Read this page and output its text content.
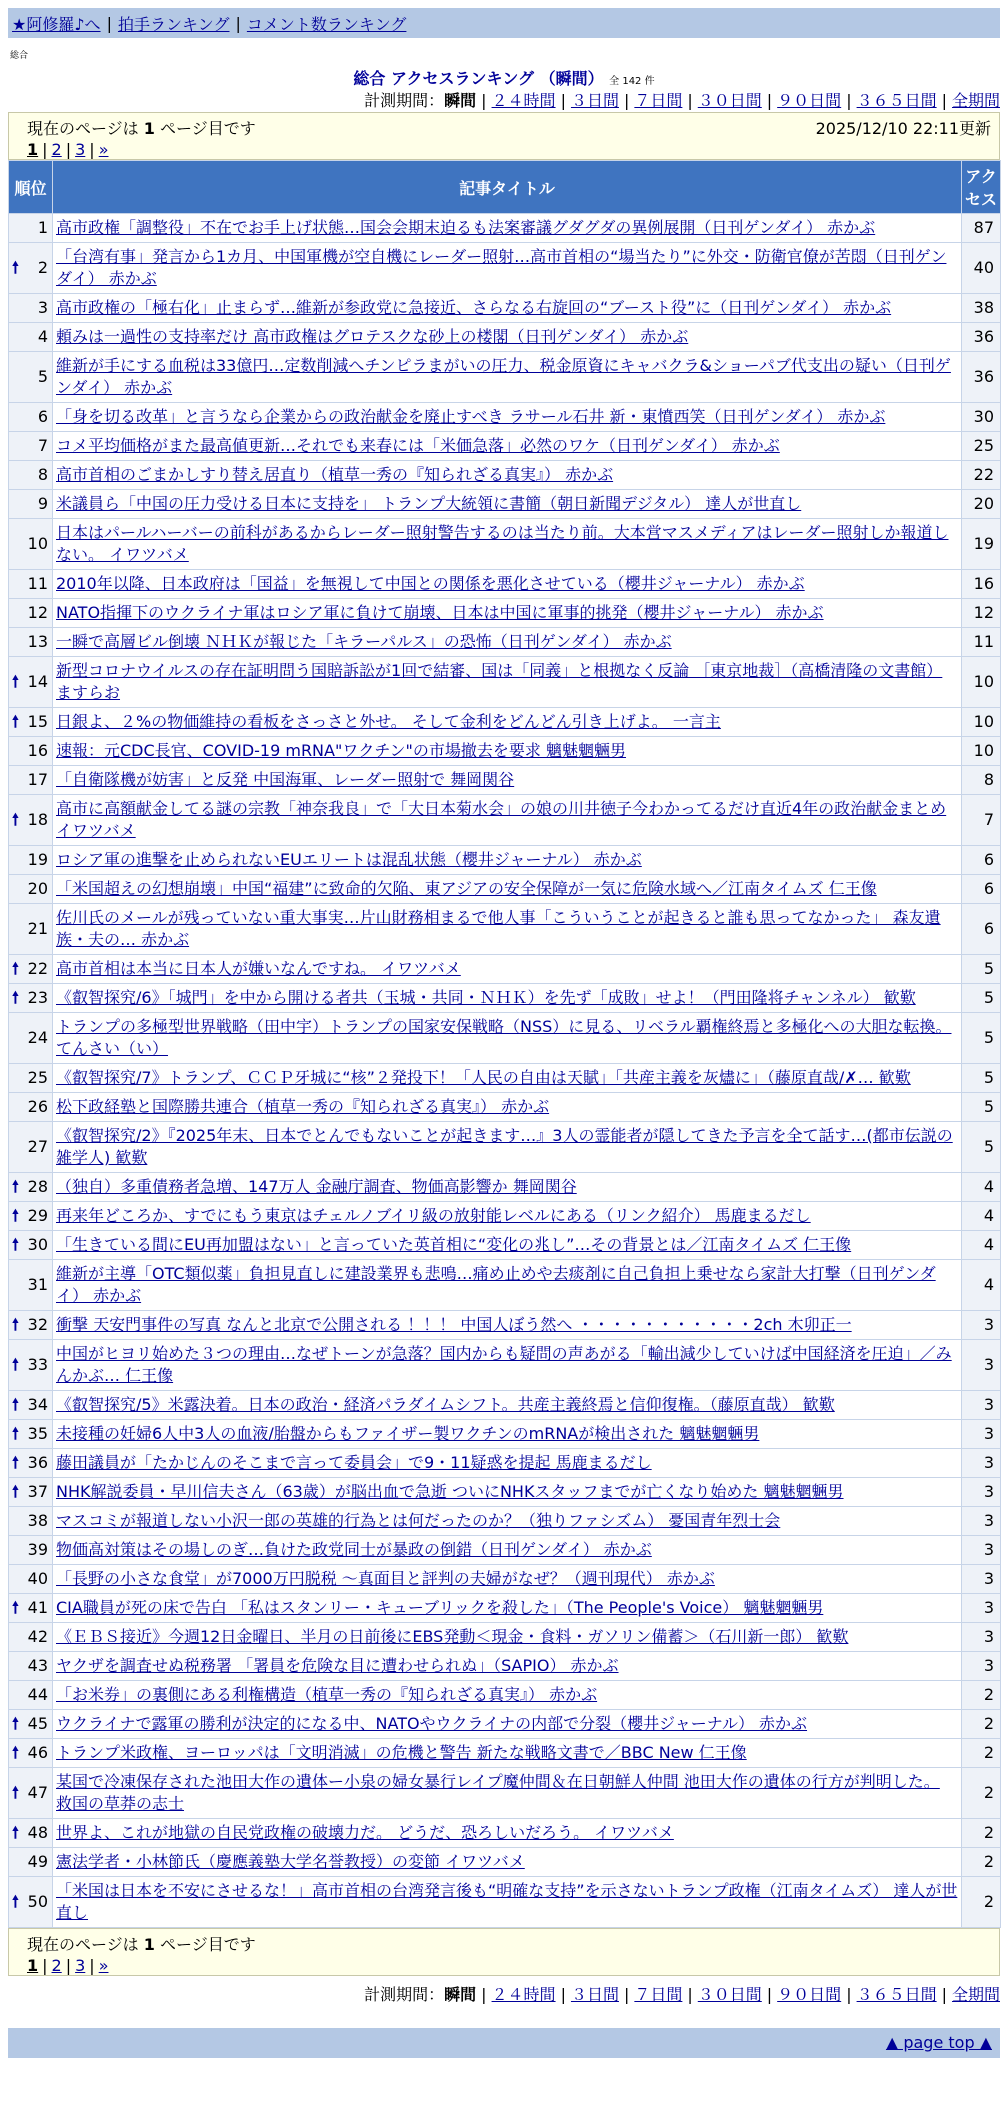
★阿修羅♪へ | 拍手ランキング | コメント数ランキング
総合
総合 アクセスランキング （瞬間） 全 142 件
計測期間：瞬間 | ２４時間 | ３日間 | ７日間 | ３０日間 | ９０日間 | ３６５日間 | 全期間
現在のページは 1 ページ目です	2025/12/10 22:11更新
1 | 2 | 3 | »
順位	記事タイトル	アクセス
1	高市政権「調整役」不在でお手上げ状態…国会会期末迫るも法案審議グダグダの異例展開（日刊ゲンダイ） 赤かぶ	87

🠕 2	「台湾有事」発言から1カ月、中国軍機が空自機にレーダー照射…高市首相の“場当たり”に外交・防衛官僚が苦悶（日刊ゲンダイ） 赤かぶ	40
3	高市政権の「極右化」止まらず…維新が参政党に急接近、さらなる右旋回の“ブースト役”に（日刊ゲンダイ） 赤かぶ	38
4	頼みは一過性の支持率だけ 高市政権はグロテスクな砂上の楼閣（日刊ゲンダイ） 赤かぶ	36
5	維新が手にする血税は33億円…定数削減へチンピラまがいの圧力、税金原資にキャバクラ&ショーパブ代支出の疑い（日刊ゲンダイ） 赤かぶ	36
6	「身を切る改革」と言うなら企業からの政治献金を廃止すべき ラサール石井 新・東憤西笑（日刊ゲンダイ） 赤かぶ	30
7	コメ平均価格がまた最高値更新…それでも来春には「米価急落」必然のワケ（日刊ゲンダイ） 赤かぶ	25
8	高市首相のごまかしすり替え居直り（植草一秀の『知られざる真実』） 赤かぶ	22
9	米議員ら「中国の圧力受ける日本に支持を」 トランプ大統領に書簡（朝日新聞デジタル） 達人が世直し	20
10	日本はパールハーバーの前科があるからレーダー照射警告するのは当たり前。大本営マスメディアはレーダー照射しか報道しない。 イワツバメ	19
11	2010年以降、日本政府は「国益」を無視して中国との関係を悪化させている（櫻井ジャーナル） 赤かぶ	16
12	NATO指揮下のウクライナ軍はロシア軍に負けて崩壊、日本は中国に軍事的挑発（櫻井ジャーナル） 赤かぶ	12
13	一瞬で高層ビル倒壊 ＮＨＫが報じた「キラーパルス」の恐怖（日刊ゲンダイ） 赤かぶ	11

🠕 14	新型コロナウイルスの存在証明問う国賠訴訟が1回で結審、国は「同義」と根拠なく反論 ［東京地裁］（高橋清隆の文書館） ますらお	10

🠕 15	日銀よ、２%の物価維持の看板をさっさと外せ。 そして金利をどんどん引き上げよ。 一言主	10
16	速報：元CDC長官、COVID-19 mRNA"ワクチン"の市場撤去を要求 魑魅魍魎男	10
17	「自衛隊機が妨害」と反発 中国海軍、レーダー照射で 舞岡関谷	8

🠕 18	高市に高額献金してる謎の宗教「神奈我良」で「大日本菊水会」の娘の川井徳子今わかってるだけ直近4年の政治献金まとめ イワツバメ	7
19	ロシア軍の進撃を止められないEUエリートは混乱状態（櫻井ジャーナル） 赤かぶ	6
20	「米国超えの幻想崩壊」中国“福建”に致命的欠陥、東アジアの安全保障が一気に危険水域へ／江南タイムズ 仁王像	6
21	佐川氏のメールが残っていない重大事実…片山財務相まるで他人事「こういうことが起きると誰も思ってなかった」 森友遺族・夫の… 赤かぶ	6

🠕 22	高市首相は本当に日本人が嫌いなんですね。 イワツバメ	5

🠕 23	《叡智探究/6》「城門」を中から開ける者共（玉城・共同・ＮＨＫ）を先ず「成敗」せよ！（門田隆将チャンネル） 歓歎	5
24	トランプの多極型世界戦略（田中宇）トランプの国家安保戦略（NSS）に見る、リベラル覇権終焉と多極化への大胆な転換。 てんさい（い）	5
25	《叡智探究/7》トランプ、ＣＣＰ牙城に“核”２発投下！「人民の自由は天賦」「共産主義を灰燼に」（藤原直哉/✗… 歓歎	5
26	松下政経塾と国際勝共連合（植草一秀の『知られざる真実』） 赤かぶ	5
27	《叡智探究/2》『2025年末、日本でとんでもないことが起きます…』3人の霊能者が隠してきた予言を全て話す…(都市伝説の雑学人) 歓歎	5

🠕 28	（独自）多重債務者急増、147万人 金融庁調査、物価高影響か 舞岡関谷	4

🠕 29	再来年どころか、すでにもう東京はチェルノブイリ級の放射能レベルにある（リンク紹介） 馬鹿まるだし	4

🠕 30	「生きている間にEU再加盟はない」と言っていた英首相に“変化の兆し”…その背景とは／江南タイムズ 仁王像	4
31	維新が主導「OTC類似薬」負担見直しに建設業界も悲鳴…痛め止めや去痰剤に自己負担上乗せなら家計大打撃（日刊ゲンダイ） 赤かぶ	4

🠕 32	衝撃 天安門事件の写真 なんと北京で公開される ！！！ 中国人ぼう然へ ・・・・・・・・・・・2ch 木卯正一	3

🠕 33	中国がヒヨリ始めた３つの理由…なぜトーンが急落？国内からも疑問の声あがる「輸出減少していけば中国経済を圧迫」／みんかぶ… 仁王像	3

🠕 34	《叡智探究/5》米露決着。日本の政治・経済パラダイムシフト。共産主義終焉と信仰復権。（藤原直哉） 歓歎	3

🠕 35	未接種の妊婦6人中3人の血液/胎盤からもファイザー製ワクチンのmRNAが検出された 魑魅魍魎男	3

🠕 36	藤田議員が「たかじんのそこまで言って委員会」で9・11疑惑を提起 馬鹿まるだし	3

🠕 37	NHK解説委員・早川信夫さん（63歳）が脳出血で急逝 ついにNHKスタッフまでが亡くなり始めた 魑魅魍魎男	3
38	マスコミが報道しない小沢一郎の英雄的行為とは何だったのか？（独りファシズム） 憂国青年烈士会	3
39	物価高対策はその場しのぎ…負けた政党同士が暴政の倒錯（日刊ゲンダイ） 赤かぶ	3
40	「長野の小さな食堂」が7000万円脱税 ～真面目と評判の夫婦がなぜ？（週刊現代） 赤かぶ	3

🠕 41	CIA職員が死の床で告白 「私はスタンリー・キューブリックを殺した」（The People's Voice） 魑魅魍魎男	3
42	《ＥＢＳ接近》今週12日金曜日、半月の日前後にEBS発動＜現金・食料・ガソリン備蓄＞（石川新一郎） 歓歎	3
43	ヤクザを調査せぬ税務署 「署員を危険な目に遭わせられぬ」（SAPIO） 赤かぶ	3
44	「お米券」の裏側にある利権構造（植草一秀の『知られざる真実』） 赤かぶ	2

🠕 45	ウクライナで露軍の勝利が決定的になる中、NATOやウクライナの内部で分裂（櫻井ジャーナル） 赤かぶ	2

🠕 46	トランプ米政権、ヨーロッパは「文明消滅」の危機と警告 新たな戦略文書で／BBC New 仁王像	2

🠕 47	某国で冷凍保存された池田大作の遺体ー小泉の婦女暴行レイプ魔仲間＆在日朝鮮人仲間 池田大作の遺体の行方が判明した。 救国の草莽の志士	2

🠕 48	世界よ、これが地獄の自民党政権の破壊力だ。 どうだ、恐ろしいだろう。 イワツバメ	2
49	憲法学者・小林節氏（慶應義塾大学名誉教授）の変節 イワツバメ	2

🠕 50	「米国は日本を不安にさせるな！」高市首相の台湾発言後も“明確な支持”を示さないトランプ政権（江南タイムズ） 達人が世直し	2
現在のページは 1 ページ目です
1 | 2 | 3 | »
計測期間：瞬間 | ２４時間 | ３日間 | ７日間 | ３０日間 | ９０日間 | ３６５日間 | 全期間
▲ page top ▲
